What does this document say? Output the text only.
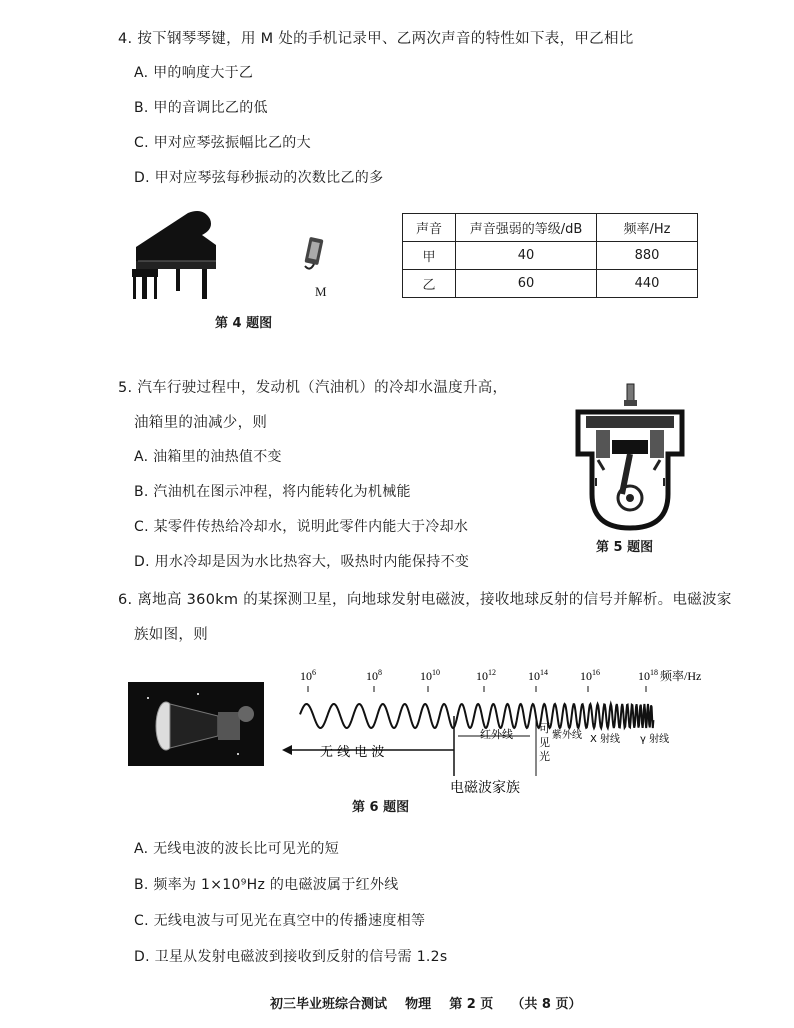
4. 按下钢琴琴键，用 M 处的手机记录甲、乙两次声音的特性如下表，甲乙相比
A. 甲的响度大于乙
B. 甲的音调比乙的低
C. 甲对应琴弦振幅比乙的大
D. 甲对应琴弦每秒振动的次数比乙的多
M
第 4 题图
声音	声音强弱的等级/dB	频率/Hz
甲	40	880
乙	60	440
5. 汽车行驶过程中，发动机（汽油机）的冷却水温度升高，
油箱里的油减少，则
A. 油箱里的油热值不变
B. 汽油机在图示冲程，将内能转化为机械能
C. 某零件传热给冷却水，说明此零件内能大于冷却水
D. 用水冷却是因为水比热容大，吸热时内能保持不变
第 5 题图
6. 离地高 360km 的某探测卫星，向地球发射电磁波，接收地球反射的信号并解析。电磁波家
族如图，则
$10^6$	$10^8$	$10^{10}$	$10^{12}$	$10^{14}$	$10^{16}$	$10^{18}$ 频率/Hz
红外线 可
见
光
紫外线 X 射线 γ 射线
无 线 电 波
电磁波家族
第 6 题图
A. 无线电波的波长比可见光的短
B. 频率为 1×10⁹Hz 的电磁波属于红外线
C. 无线电波与可见光在真空中的传播速度相等
D. 卫星从发射电磁波到接收到反射的信号需 1.2s
初三毕业班综合测试    物理    第 2 页    （共 8 页）
